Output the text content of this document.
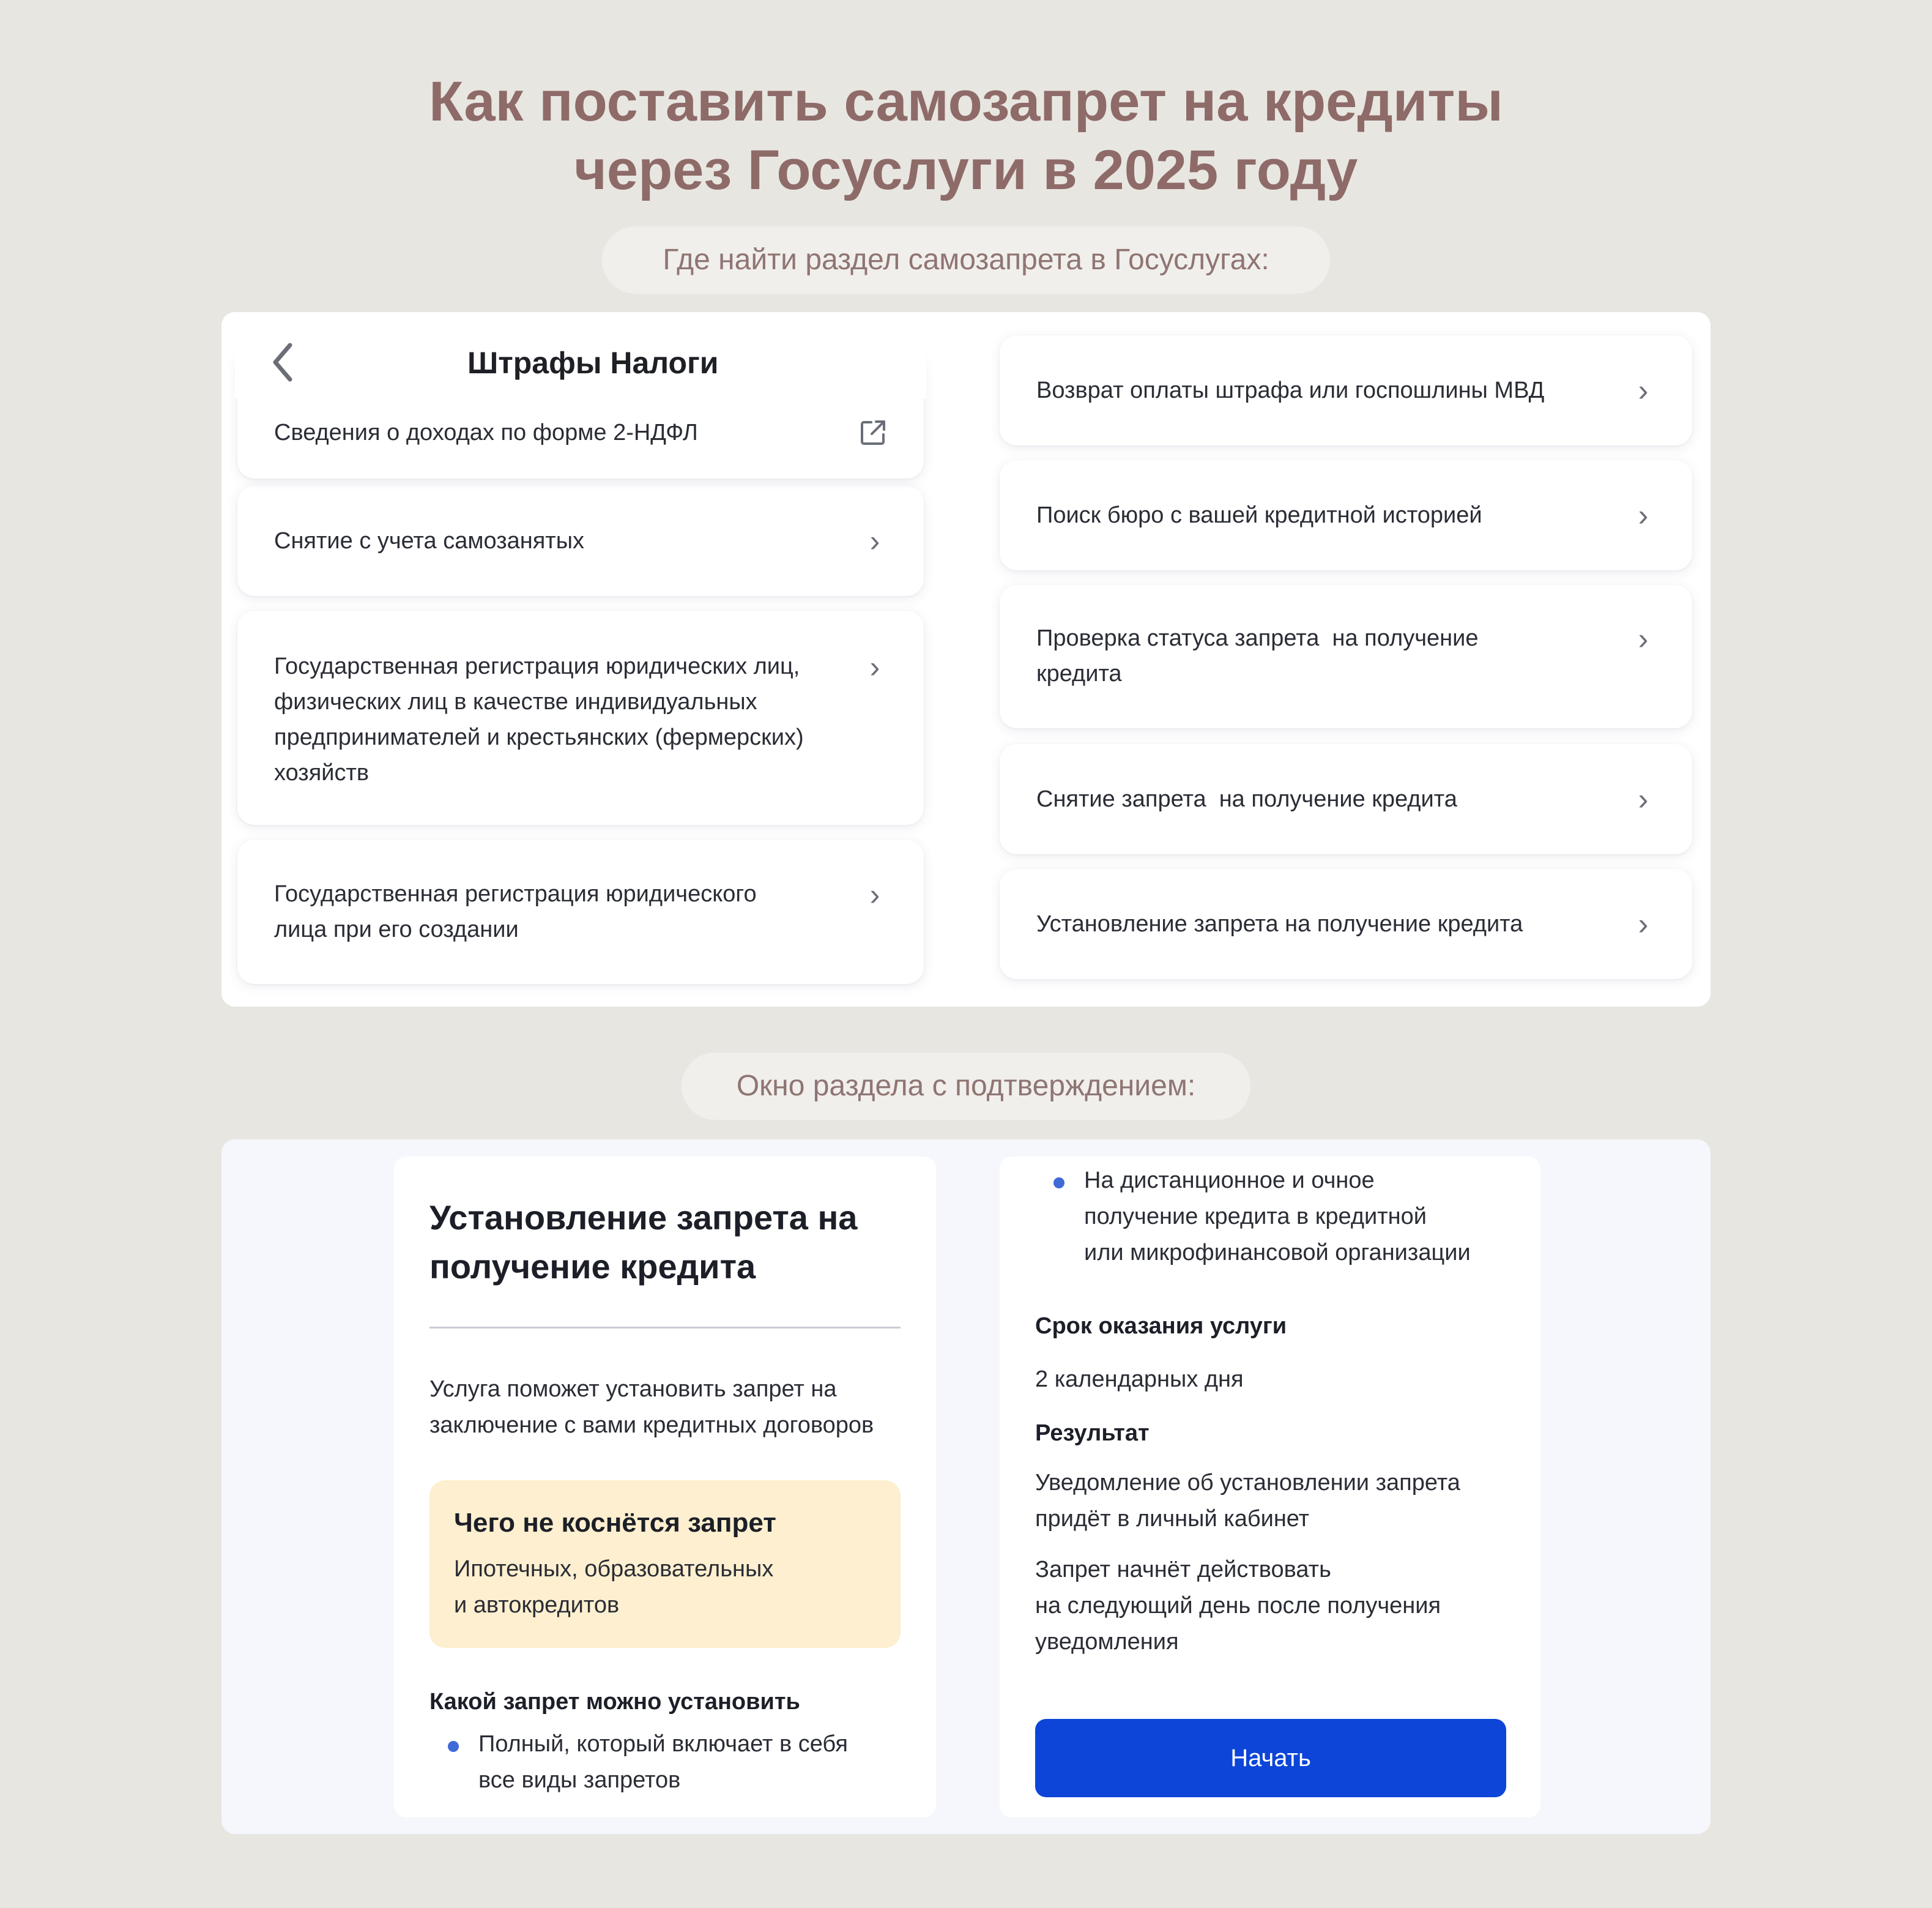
Как поставить самозапрет на кредиты
через Госуслуги в 2025 году
Где найти раздел самозапрета в Госуслугах:
Штрафы Налоги
Сведения о доходах по форме 2-НДФЛ
Снятие с учета самозанятых	›
Государственная регистрация юридических лиц, физических лиц в качестве индивидуальных предпринимателей и крестьянских (фермерских) хозяйств
›
Государственная регистрация юридического лица при его создании
›
Возврат оплаты штрафа или госпошлины МВД	›
Поиск бюро с вашей кредитной историей	›
Проверка статуса запрета  на получение кредита
›
Снятие запрета  на получение кредита	›
Установление запрета на получение кредита	›
Окно раздела с подтверждением:
Установление запрета на получение кредита

Услуга поможет установить запрет на заключение с вами кредитных договоров

Чего не коснётся запрет

Ипотечных, образовательных

и автокредитов

Какой запрет можно установить

Полный, который включает в себя
все виды запретов
На дистанционное и очное
получение кредита в кредитной
или микрофинансовой организации

Срок оказания услуги

2 календарных дня

Результат

Уведомление об установлении запрета
придёт в личный кабинет
Запрет начнёт действовать
на следующий день после получения
уведомления
Начать
